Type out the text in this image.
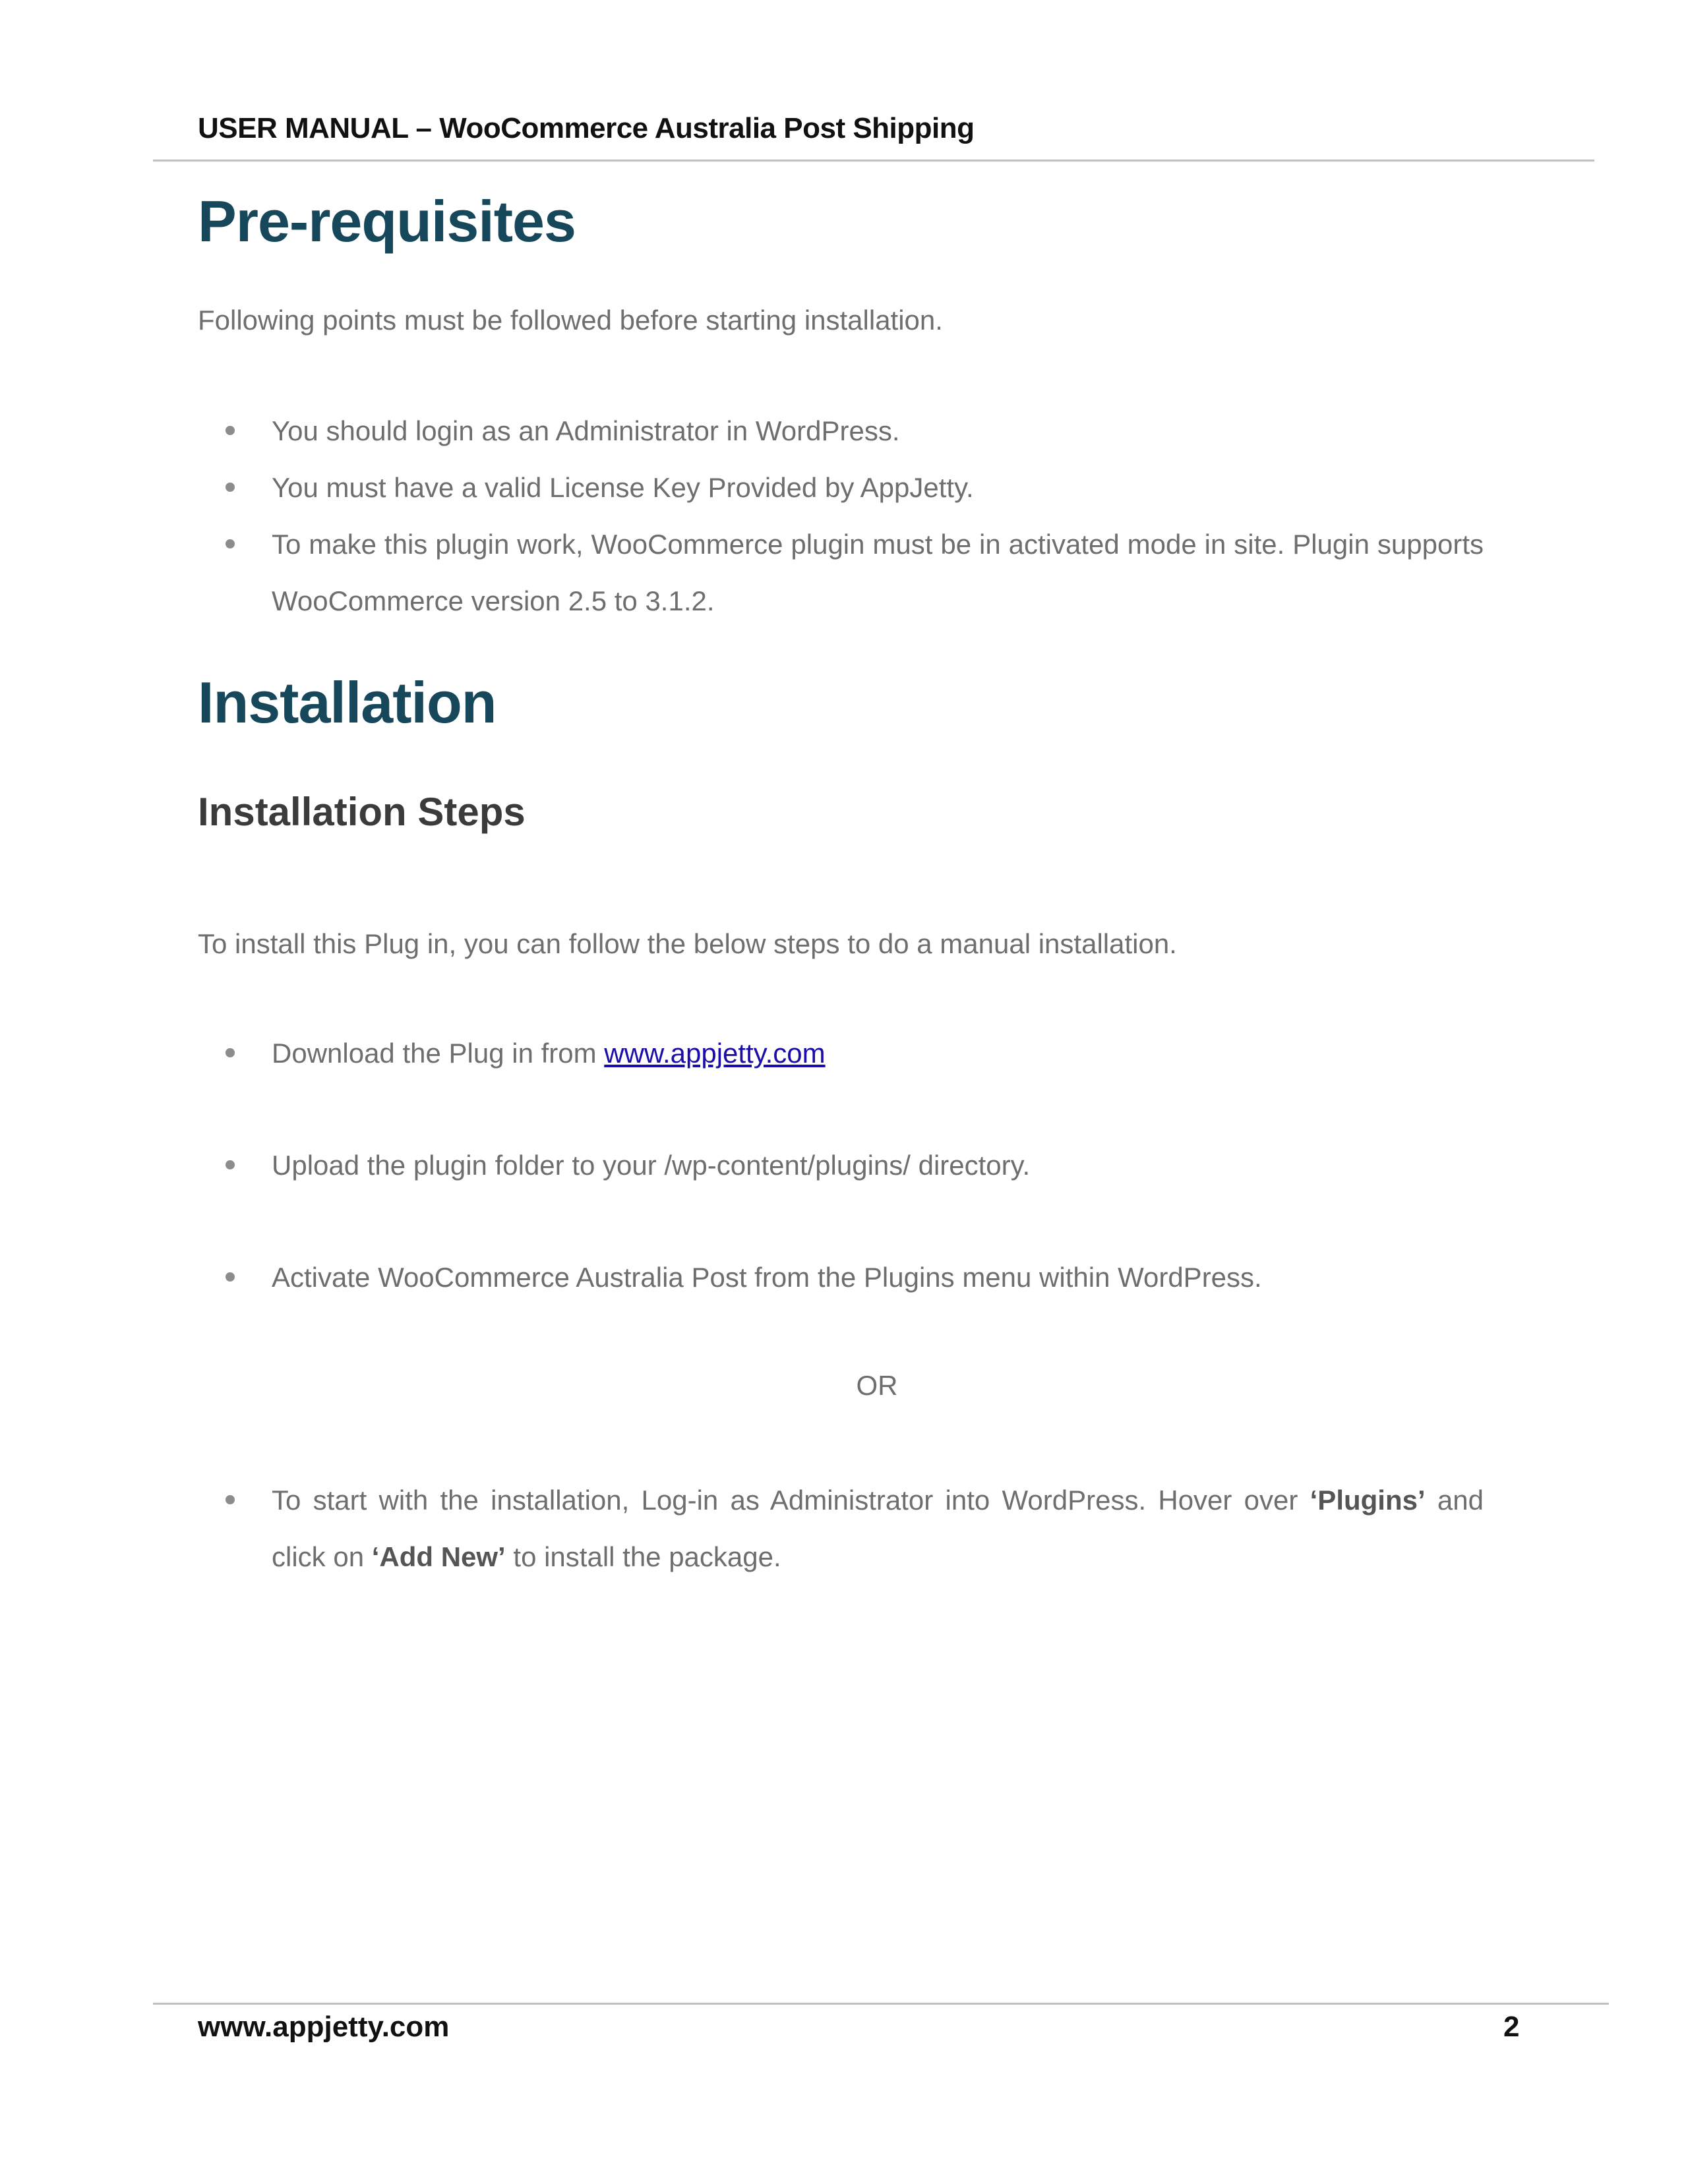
USER MANUAL – WooCommerce Australia Post Shipping
Pre-requisites

Following points must be followed before starting installation.

You should login as an Administrator in WordPress.
You must have a valid License Key Provided by AppJetty.
To make this plugin work, WooCommerce plugin must be in activated mode in site. Plugin supports WooCommerce version 2.5 to 3.1.2.
Installation
Installation Steps

To install this Plug in, you can follow the below steps to do a manual installation.

Download the Plug in from www.appjetty.com
Upload the plugin folder to your /wp-content/plugins/ directory.
Activate WooCommerce Australia Post from the Plugins menu within WordPress.
OR
To start with the installation, Log-in as Administrator into WordPress. Hover over ‘Plugins’ and click on ‘Add New’ to install the package.
www.appjetty.com	2
